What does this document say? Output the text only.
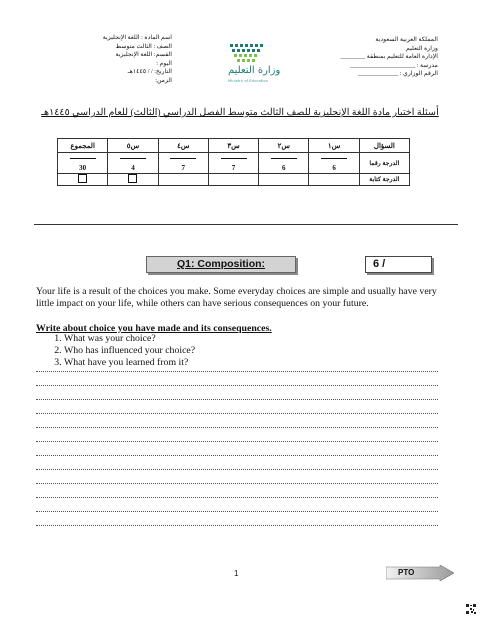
المملكة العربية السعودية
وزارة التعليم
الإدارة العامة للتعليم بمنطقة ________
مدرسة : _____________________
الرقم الوزاري : _____________
وزارة التعليم
Ministry of Education
اسم المادة : اللغة الإنجليزية
الصف : الثالث متوسط
القسم: اللغة الإنجليزية
اليوم :
التاريخ: / / ١٤٤٥هـ
الزمن:
أسئلة اختبار مادة اللغة الإنجليزية للصف الثالث متوسط الفصل الدراسي (الثالث) للعام الدراسي ١٤٤٥هـ
السؤال	س١	س٢	س٣	س٤	س٥	المجموع
الدرجة رقما	6	6	7	7	4	30

الدرجة كتابة						
Q1: Composition:	6 /
Your life is a result of the choices you make. Some everyday choices are simple and usually have very little impact on your life, while others can have serious consequences on your future.
Write about choice you have made and its consequences.
1. What was your choice?
2. Who has influenced your choice?
3. What have you learned from it?
1	PTO
